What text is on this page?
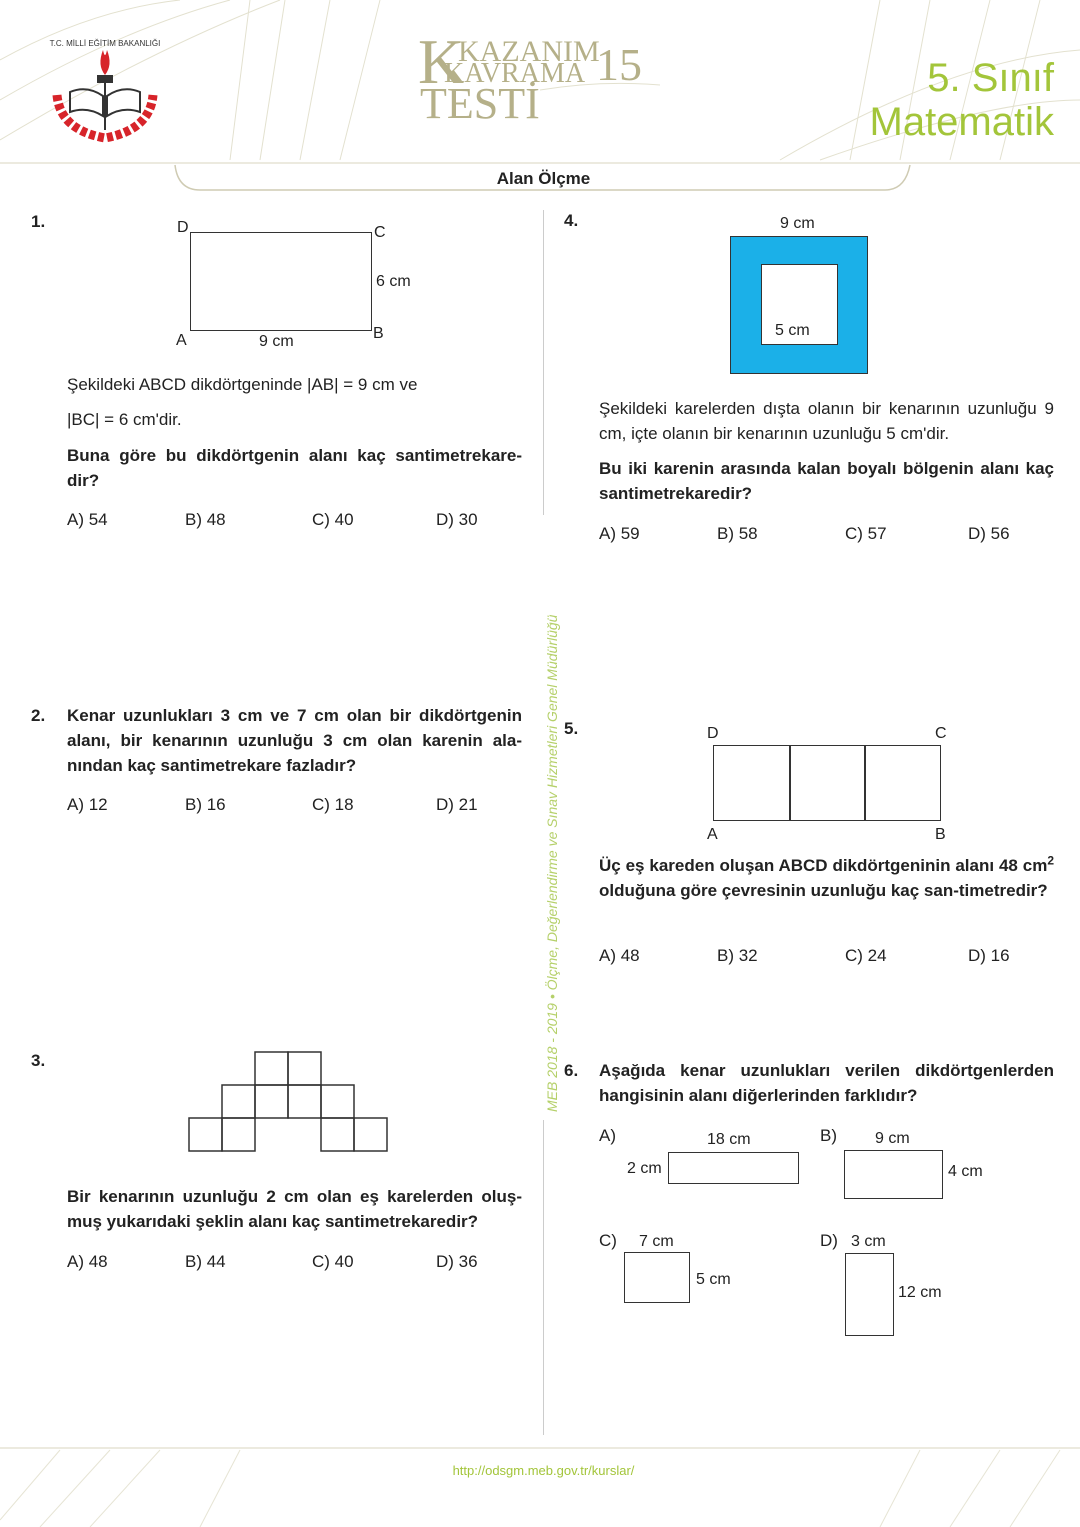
T.C. MİLLİ EĞİTİM BAKANLIĞI	K
KAZANIM
KAVRAMA
TESTİ
15	5. Sınıf
Matematik
Alan Ölçme
MEB 2018 - 2019 • Ölçme, Değerlendirme ve Sınav Hizmetleri Genel Müdürlüğü
1.	D	C
6 cm
A	9 cm	B
Şekildeki ABCD dikdörtgeninde |AB| = 9 cm ve
|BC| = 6 cm'dir.
Buna göre bu dikdörtgenin alanı kaç santimetrekare-dir?
A) 54	B) 48	C) 40	D) 30
2. Kenar uzunlukları 3 cm ve 7 cm olan bir dikdörtgenin alanı, bir kenarının uzunluğu 3 cm olan karenin ala-nından kaç santimetrekare fazladır?
A) 12	B) 16	C) 18	D) 21
3.
Bir kenarının uzunluğu 2 cm olan eş karelerden oluş-muş yukarıdaki şeklin alanı kaç santimetrekaredir?
A) 48	B) 44	C) 40	D) 36
4.	9 cm
5 cm
Şekildeki karelerden dışta olanın bir kenarının uzunluğu 9 cm, içte olanın bir kenarının uzunluğu 5 cm'dir.
Bu iki karenin arasında kalan boyalı bölgenin alanı kaç santimetrekaredir?
A) 59	B) 58	C) 57	D) 56
5.	D	C
A	B
Üç eş kareden oluşan ABCD dikdörtgeninin alanı 48 $cm^2$ olduğuna göre çevresinin uzunluğu kaç san-timetredir?
A) 48	B) 32	C) 24	D) 16
6. Aşağıda kenar uzunlukları verilen dikdörtgenlerden hangisinin alanı diğerlerinden farklıdır?
A)	18 cm
2 cm
B) 9 cm
4 cm
C) 7 cm
5 cm
D) 3 cm
12 cm
http://odsgm.meb.gov.tr/kurslar/
